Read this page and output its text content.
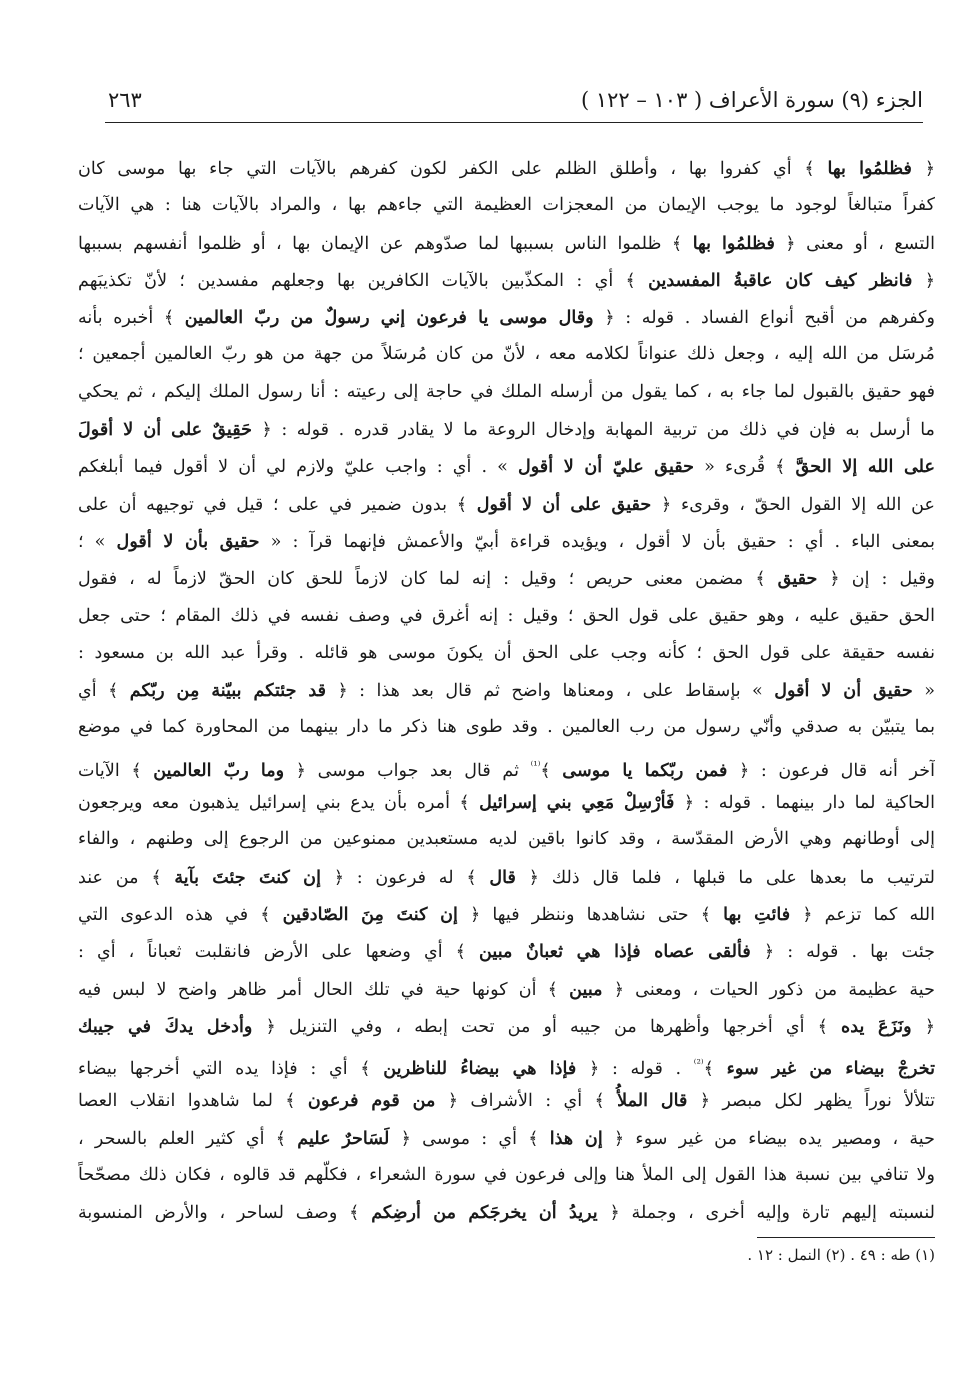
الجزء (٩) سورة الأعراف ( ١٠٣ – ١٢٢ )
٢٦٣
﴿ فظلمُوا بها ﴾ أي كفروا بها ، وأطلق الظلم على الكفر لكون كفرهم بالآيات التي جاء بها موسى كان
كفراً متبالغاً لوجود ما يوجب الإيمان من المعجزات العظيمة التي جاءهم بها ، والمراد بالآيات هنا : هي الآيات
التسع ، أو معنى ﴿ فظلمُوا بها ﴾ ظلموا الناس بسببها لما صدّوهم عن الإيمان بها ، أو ظلموا أنفسهم بسببها
﴿ فانظر كيف كان عاقبةُ المفسدين ﴾ أي : المكذّبين بالآيات الكافرين بها وجعلهم مفسدين ؛ لأنّ تكذيبَهم
وكفرهم من أقبح أنواع الفساد . قوله : ﴿ وقال موسى يا فرعون إني رسولٌ من ربّ العالمين ﴾ أخبره بأنه
مُرسَل من الله إليه ، وجعل ذلك عنواناً لكلامه معه ، لأنّ من كان مُرسَلاً من جهة من هو ربّ العالمين أجمعين ؛
فهو حقيق بالقبول لما جاء به ، كما يقول من أرسله الملك في حاجة إلى رعيته : أنا رسول الملك إليكم ، ثم يحكي
ما أرسل به فإن في ذلك من تربية المهابة وإدخال الروعة ما لا يقادر قدره . قوله : ﴿ حَقِيقٌ على أن لا أقولَ
على الله إلا الحقَّ ﴾ قُرىء « حقيق عليّ أن لا أقول » . أي : واجب عليّ ولازم لي أن لا أقول فيما أبلغكم
عن الله إلا القول الحقّ ، وقرىء ﴿ حقيق على أن لا أقول ﴾ بدون ضمير في على ؛ قيل في توجيهه أن على
بمعنى الباء . أي : حقيق بأن لا أقول ، ويؤيده قراءة أبيّ والأعمش فإنهما قرآ : « حقيق بأن لا أقول » ؛
وقيل : إن ﴿ حقيق ﴾ مضمن معنى حريص ؛ وقيل : إنه لما كان لازماً للحق كان الحقّ لازماً له ، فقول
الحق حقيق عليه ، وهو حقيق على قول الحق ؛ وقيل : إنه أغرق في وصف نفسه في ذلك المقام ؛ حتى جعل
نفسه حقيقة على قول الحق ؛ كأنه وجب على الحق أن يكونَ موسى هو قائله . وقرأ عبد الله بن مسعود :
« حقيق أن لا أقول » بإسقاط على ، ومعناها واضح ثم قال بعد هذا : ﴿ قد جئتكم ببيّنة مِن ربّكم ﴾ أي
بما يتبيّن به صدقي وأنّي رسول من رب العالمين . وقد طوى هنا ذكر ما دار بينهما من المحاورة كما في موضع
آخر أنه قال فرعون : ﴿ فمن ربّكما يا موسى ﴾$^{^{(1)}}$ ثم قال بعد جواب موسى ﴿ وما ربّ العالمين ﴾ الآيات
الحاكية لما دار بينهما . قوله : ﴿ فَأرْسِلْ مَعِي بني إسرائيل ﴾ أمره بأن يدع بني إسرائيل يذهبون معه ويرجعون
إلى أوطانهم وهي الأرض المقدّسة ، وقد كانوا باقين لديه مستعبدين ممنوعين من الرجوع إلى وطنهم ، والفاء
لترتيب ما بعدها على ما قبلها ، فلما قال ذلك ﴿ قال ﴾ له فرعون : ﴿ إن كنتَ جئتَ بآية ﴾ من عند
الله كما تزعم ﴿ فائتِ بها ﴾ حتى نشاهدها وننظر فيها ﴿ إن كنتَ مِنَ الصّادقين ﴾ في هذه الدعوى التي
جئت بها . قوله : ﴿ فألقى عصاه فإذا هي ثعبانٌ مبين ﴾ أي وضعها على الأرض فانقلبت ثعباناً ، أي :
حية عظيمة من ذكور الحيات ، ومعنى ﴿ مبين ﴾ أن كونها حية في تلك الحال أمر ظاهر واضح لا لبس فيه
﴿ ونَزَعَ يده ﴾ أي أخرجها وأظهرها من جيبه أو من تحت إبطه ، وفي التنزيل ﴿ وأدخل يدكَ في جيبك
تخرجْ بيضاء من غير سوء ﴾$^{^{(2)}}$ . قوله : ﴿ فإذا هي بيضاءُ للناظرين ﴾ أي : فإذا يده التي أخرجها بيضاء
تتلألأ نوراً يظهر لكل مبصر ﴿ قال الملأُ ﴾ أي : الأشراف ﴿ من قوم فرعون ﴾ لما شاهدوا انقلاب العصا
حية ، ومصير يده بيضاء من غير سوء ﴿ إن هذا ﴾ أي : موسى ﴿ لَسَاحرٌ عليم ﴾ أي كثير العلم بالسحر ،
ولا تنافي بين نسبة هذا القول إلى الملأ هنا وإلى فرعون في سورة الشعراء ، فكلّهم قد قالوه ، فكان ذلك مصحّحاً
لنسبته إليهم تارة وإليه أخرى ، وجملة ﴿ يريدُ أن يخرجَكم من أرضِكم ﴾ وصف لساحر ، والأرض المنسوبة
(١) طه : ٤٩ . (٢) النمل : ١٢ .
